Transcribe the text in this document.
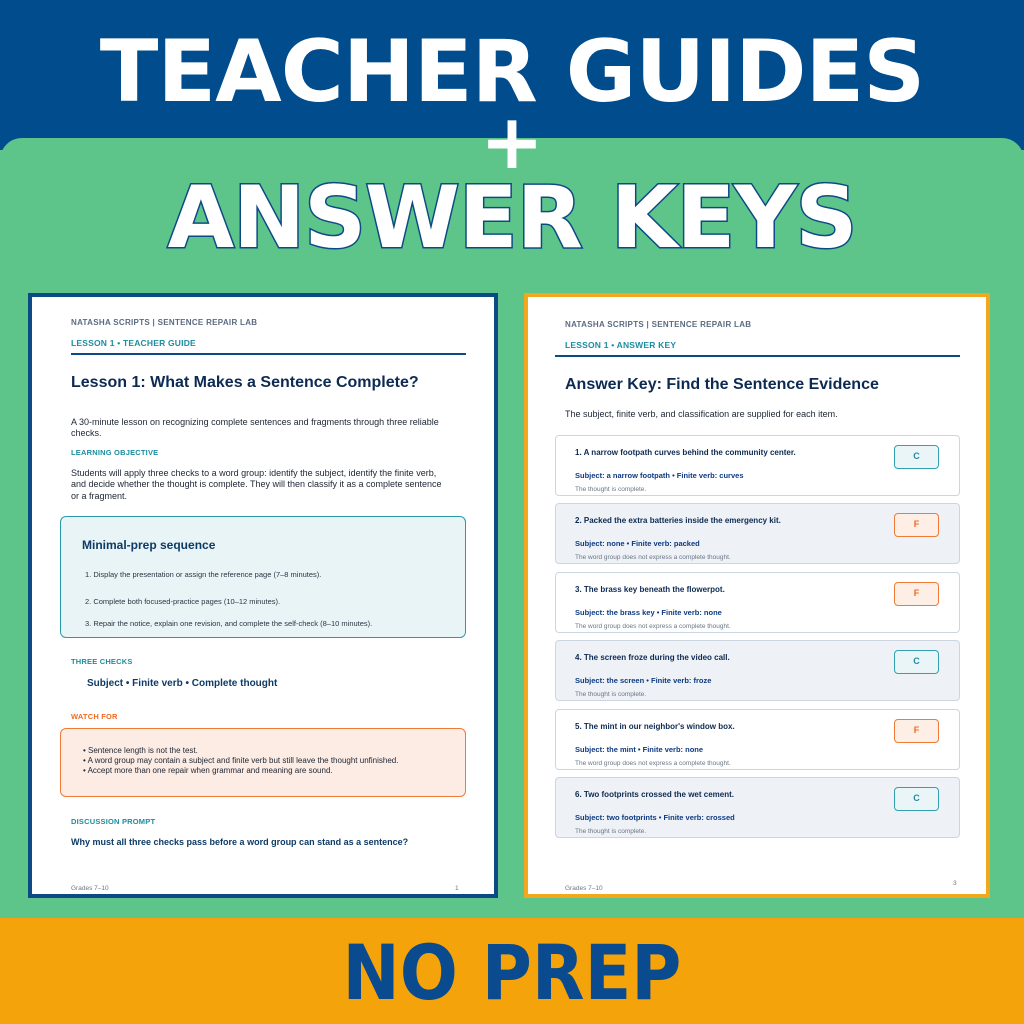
TEACHER GUIDES
+
ANSWER KEYS
NO PREP
NATASHA SCRIPTS | SENTENCE REPAIR LAB
LESSON 1 • TEACHER GUIDE
Lesson 1: What Makes a Sentence Complete?
A 30-minute lesson on recognizing complete sentences and fragments through three reliable
checks.
LEARNING OBJECTIVE
Students will apply three checks to a word group: identify the subject, identify the finite verb,
and decide whether the thought is complete. They will then classify it as a complete sentence
or a fragment.
Minimal-prep sequence
1. Display the presentation or assign the reference page (7–8 minutes).
2. Complete both focused-practice pages (10–12 minutes).
3. Repair the notice, explain one revision, and complete the self-check (8–10 minutes).
THREE CHECKS
Subject • Finite verb • Complete thought
WATCH FOR
• Sentence length is not the test.
• A word group may contain a subject and finite verb but still leave the thought unfinished.
• Accept more than one repair when grammar and meaning are sound.
DISCUSSION PROMPT
Why must all three checks pass before a word group can stand as a sentence?
Grades 7–10	1
NATASHA SCRIPTS | SENTENCE REPAIR LAB
LESSON 1 • ANSWER KEY
Answer Key: Find the Sentence Evidence
The subject, finite verb, and classification are supplied for each item.
1. A narrow footpath curves behind the community center.	C
Subject: a narrow footpath • Finite verb: curves
The thought is complete.
2. Packed the extra batteries inside the emergency kit.	F
Subject: none • Finite verb: packed
The word group does not express a complete thought.
3. The brass key beneath the flowerpot.	F
Subject: the brass key • Finite verb: none
The word group does not express a complete thought.
4. The screen froze during the video call.	C
Subject: the screen • Finite verb: froze
The thought is complete.
5. The mint in our neighbor's window box.	F
Subject: the mint • Finite verb: none
The word group does not express a complete thought.
6. Two footprints crossed the wet cement.	C
Subject: two footprints • Finite verb: crossed
The thought is complete.
Grades 7–10
3
